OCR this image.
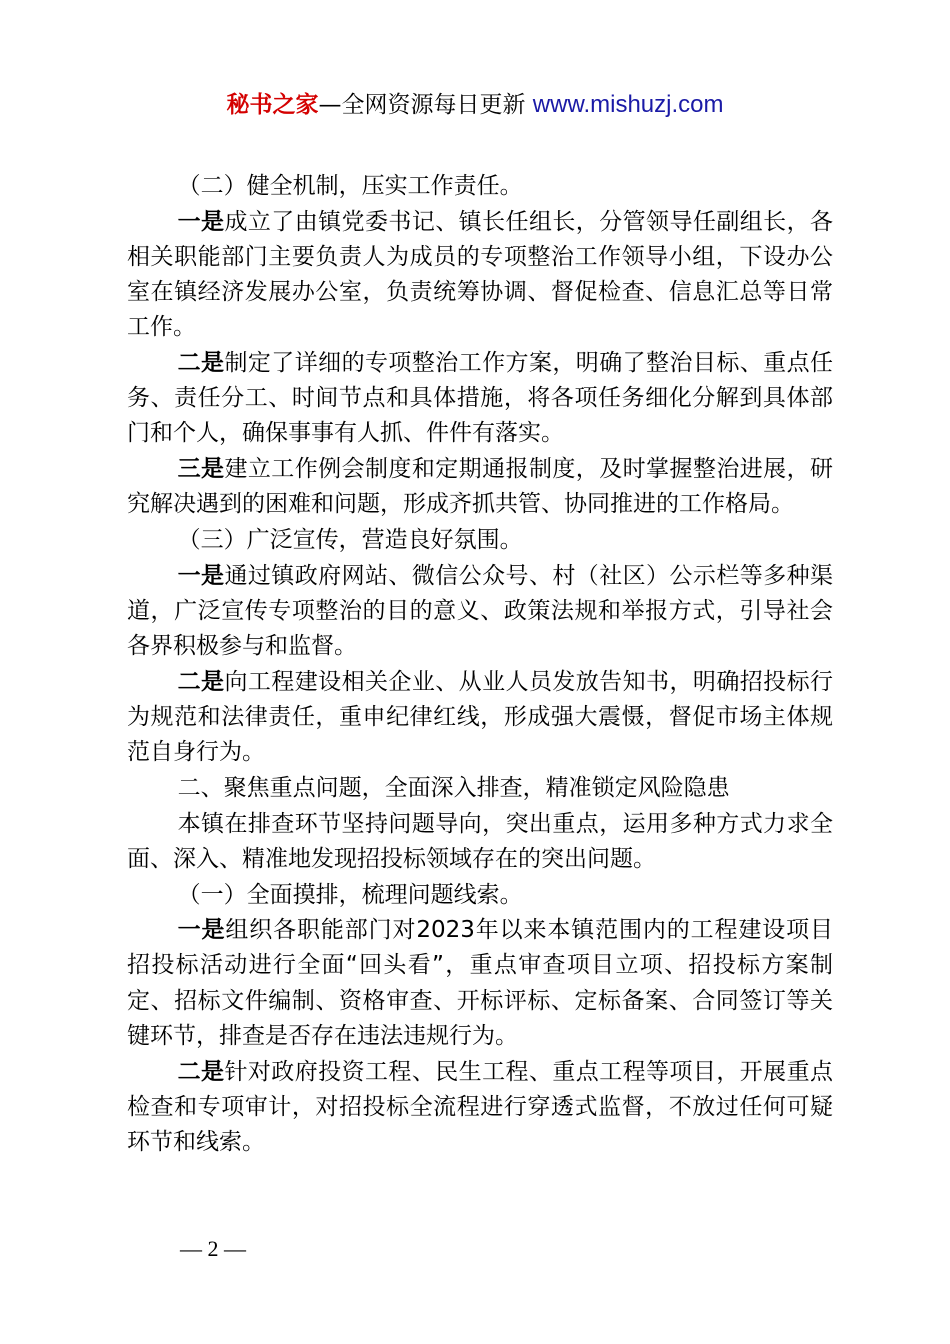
秘书之家—全网资源每日更新 www.mishuzj.com

（二）健全机制，压实工作责任。

一是成立了由镇党委书记、镇长任组长，分管领导任副组长，各相关职能部门主要负责人为成员的专项整治工作领导小组，下设办公室在镇经济发展办公室，负责统筹协调、督促检查、信息汇总等日常工作。

二是制定了详细的专项整治工作方案，明确了整治目标、重点任务、责任分工、时间节点和具体措施，将各项任务细化分解到具体部门和个人，确保事事有人抓、件件有落实。

三是建立工作例会制度和定期通报制度，及时掌握整治进展，研究解决遇到的困难和问题，形成齐抓共管、协同推进的工作格局。

（三）广泛宣传，营造良好氛围。

一是通过镇政府网站、微信公众号、村（社区）公示栏等多种渠道，广泛宣传专项整治的目的意义、政策法规和举报方式，引导社会各界积极参与和监督。

二是向工程建设相关企业、从业人员发放告知书，明确招投标行为规范和法律责任，重申纪律红线，形成强大震慑，督促市场主体规范自身行为。

二、聚焦重点问题，全面深入排查，精准锁定风险隐患

本镇在排查环节坚持问题导向，突出重点，运用多种方式力求全面、深入、精准地发现招投标领域存在的突出问题。

（一）全面摸排，梳理问题线索。

一是组织各职能部门对2023年以来本镇范围内的工程建设项目招投标活动进行全面“回头看”，重点审查项目立项、招投标方案制定、招标文件编制、资格审查、开标评标、定标备案、合同签订等关键环节，排查是否存在违法违规行为。

二是针对政府投资工程、民生工程、重点工程等项目，开展重点检查和专项审计，对招投标全流程进行穿透式监督，不放过任何可疑环节和线索。

— 2 —
